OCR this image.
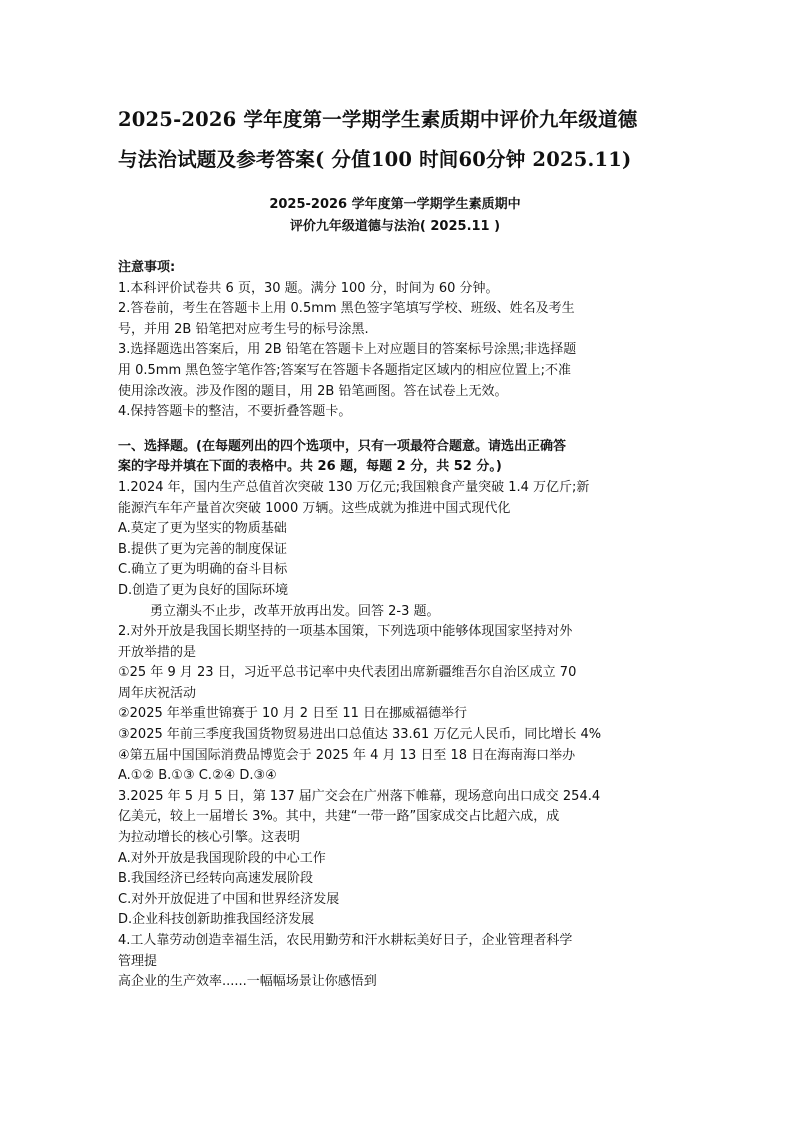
2025-2026 学年度第一学期学生素质期中评价九年级道德
与法治试题及参考答案( 分值100 时间60分钟 2025.11)
2025-2026 学年度第一学期学生素质期中
评价九年级道德与法治( 2025.11 )
注意事项:
1.本科评价试卷共 6 页，30 题。满分 100 分，时间为 60 分钟。
2.答卷前，考生在答题卡上用 0.5mm 黑色签字笔填写学校、班级、姓名及考生
号，并用 2B 铅笔把对应考生号的标号涂黑.
3.选择题选出答案后，用 2B 铅笔在答题卡上对应题目的答案标号涂黑;非选择题
用 0.5mm 黑色签字笔作答;答案写在答题卡各题指定区域内的相应位置上;不准
使用涂改液。涉及作图的题目，用 2B 铅笔画图。答在试卷上无效。
4.保持答题卡的整洁，不要折叠答题卡。
一、选择题。(在每题列出的四个选项中，只有一项最符合题意。请选出正确答
案的字母并填在下面的表格中。共 26 题，每题 2 分，共 52 分。)
1.2024 年，国内生产总值首次突破 130 万亿元;我国粮食产量突破 1.4 万亿斤;新
能源汽车年产量首次突破 1000 万辆。这些成就为推进中国式现代化
A.莫定了更为坚实的物质基础
B.提供了更为完善的制度保证
C.确立了更为明确的奋斗目标
D.创造了更为良好的国际环境
勇立潮头不止步，改革开放再出发。回答 2-3 题。
2.对外开放是我国长期坚持的一项基本国策，下列选项中能够体现国家坚持对外
开放举措的是
①25 年 9 月 23 日，习近平总书记率中央代表团出席新疆维吾尔自治区成立 70
周年庆祝活动
②2025 年举重世锦赛于 10 月 2 日至 11 日在挪威福德举行
③2025 年前三季度我国货物贸易进出口总值达 33.61 万亿元人民币，同比增长 4%
④第五届中国国际消费品博览会于 2025 年 4 月 13 日至 18 日在海南海口举办
A.①② B.①③ C.②④ D.③④
3.2025 年 5 月 5 日，第 137 届广交会在广州落下帷幕，现场意向出口成交 254.4
亿美元，较上一届增长 3%。其中，共建“一带一路”国家成交占比超六成，成
为拉动增长的核心引擎。这表明
A.对外开放是我国现阶段的中心工作
B.我国经济已经转向高速发展阶段
C.对外开放促进了中国和世界经济发展
D.企业科技创新助推我国经济发展
4.工人靠劳动创造幸福生活，农民用勤劳和汗水耕耘美好日子，企业管理者科学
管理提
高企业的生产效率......一幅幅场景让你感悟到
